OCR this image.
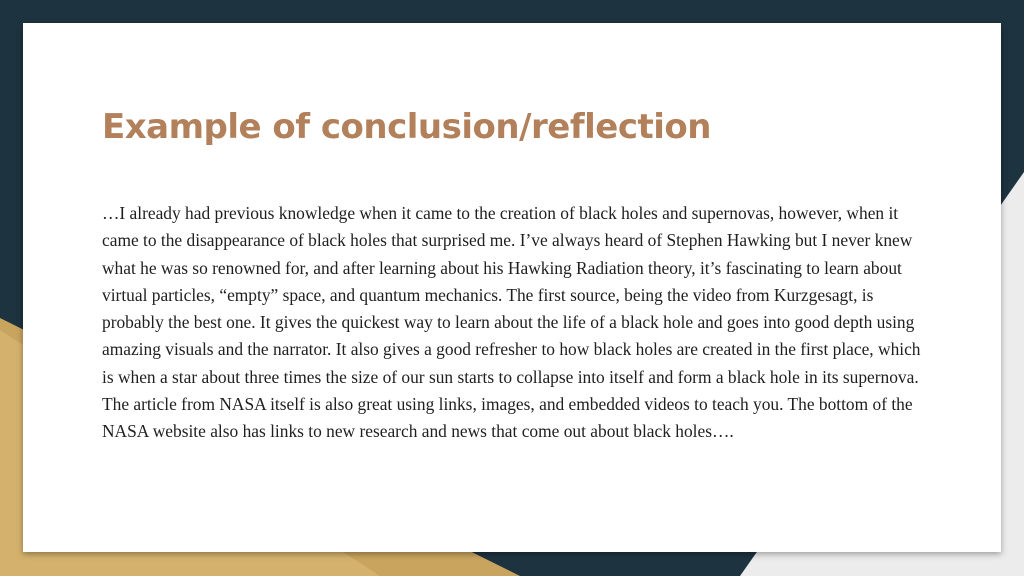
Example of conclusion/reflection

…I already had previous knowledge when it came to the creation of black holes and supernovas, however, when it came to the disappearance of black holes that surprised me. I’ve always heard of Stephen Hawking but I never knew what he was so renowned for, and after learning about his Hawking Radiation theory, it’s fascinating to learn about virtual particles, “empty” space, and quantum mechanics. The first source, being the video from Kurzgesagt, is probably the best one. It gives the quickest way to learn about the life of a black hole and goes into good depth using amazing visuals and the narrator. It also gives a good refresher to how black holes are created in the first place, which is when a star about three times the size of our sun starts to collapse into itself and form a black hole in its supernova. The article from NASA itself is also great using links, images, and embedded videos to teach you. The bottom of the NASA website also has links to new research and news that come out about black holes….
